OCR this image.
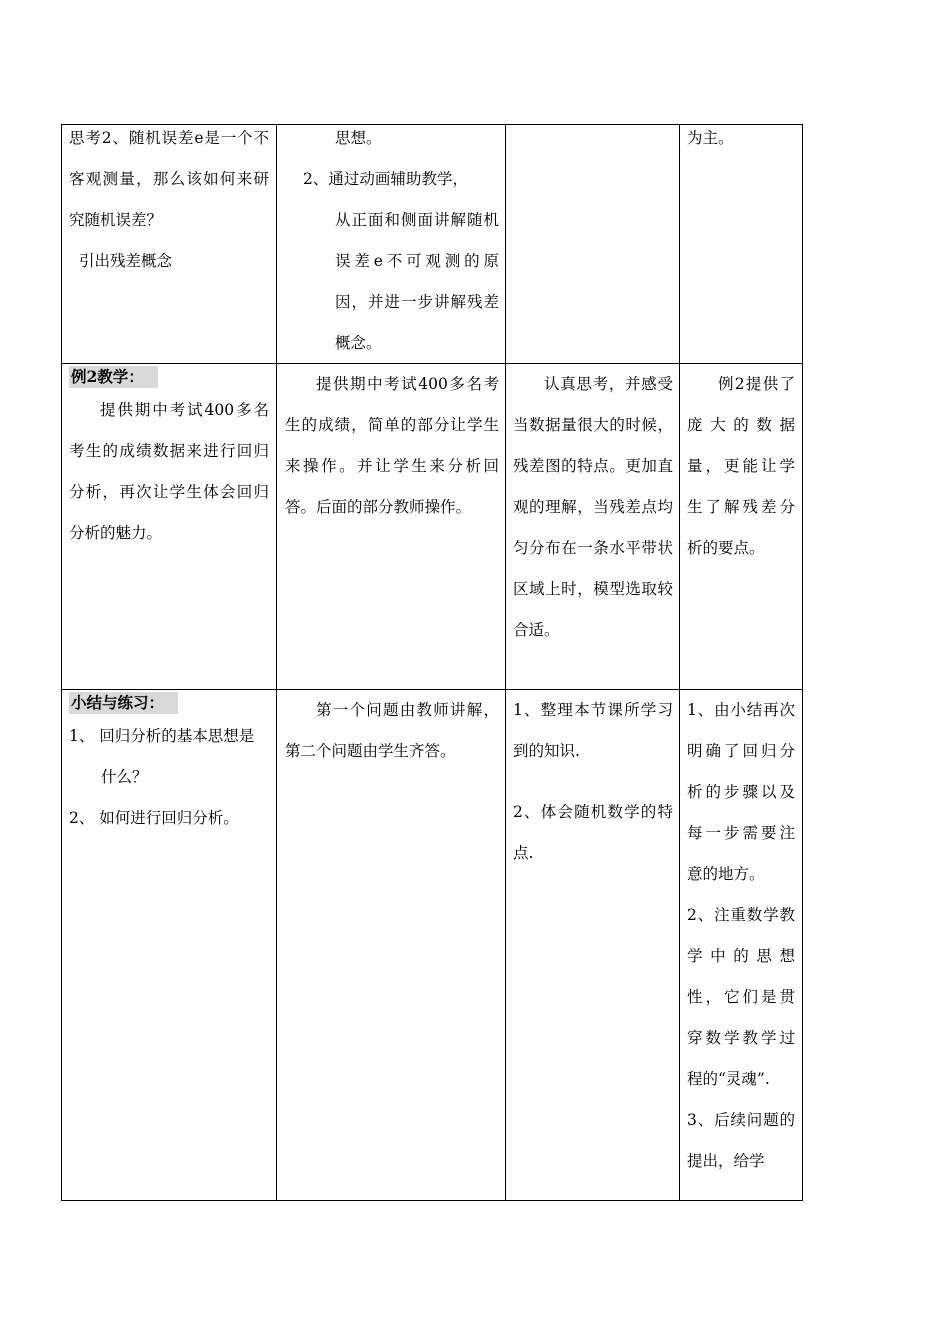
思考2、随机误差e是一个不客观测量，那么该如何来研究随机误差？

引出残差概念

思想。

2、通过动画辅助教学，

从正面和侧面讲解随机误差e不可观测的原因，并进一步讲解残差概念。

为主。

例2教学：

提供期中考试400多名考生的成绩数据来进行回归分析，再次让学生体会回归分析的魅力。

提供期中考试400多名考生的成绩，简单的部分让学生来操作。并让学生来分析回答。后面的部分教师操作。

认真思考，并感受当数据量很大的时候，残差图的特点。更加直观的理解，当残差点均匀分布在一条水平带状区域上时，模型选取较合适。

例2提供了庞大的数据量，更能让学生了解残差分析的要点。

小结与练习：

1、 回归分析的基本思想是

什么？

2、 如何进行回归分析。

第一个问题由教师讲解，第二个问题由学生齐答。

1、整理本节课所学习到的知识.

2、体会随机数学的特点.

1、由小结再次明确了回归分析的步骤以及每一步需要注意的地方。

2、注重数学教学中的思想性，它们是贯穿数学教学过程的“灵魂”.

3、后续问题的提出，给学
